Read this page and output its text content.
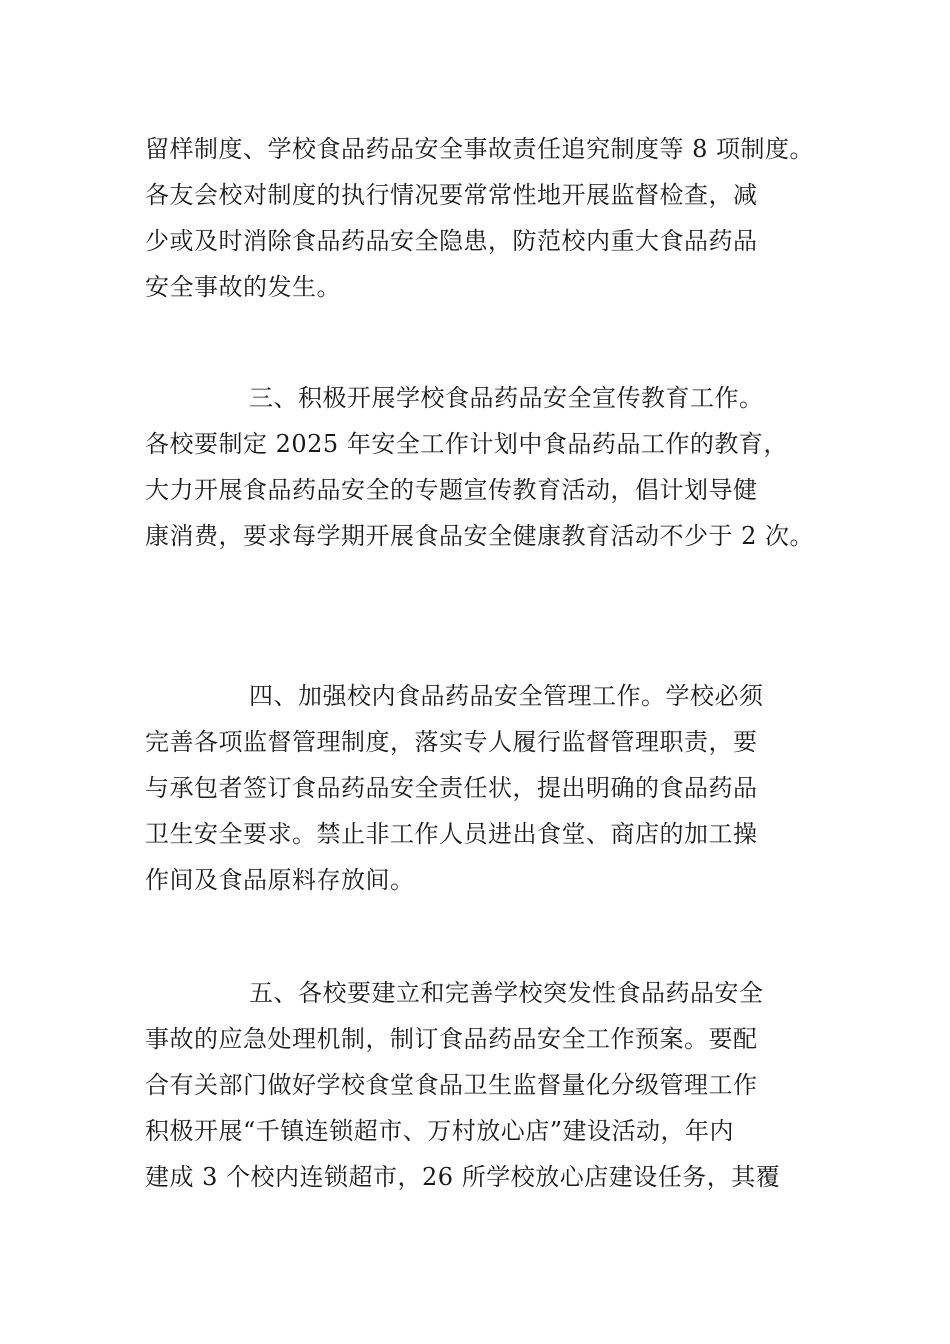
留样制度、学校食品药品安全事故责任追究制度等 8 项制度。
各友会校对制度的执行情况要常常性地开展监督检查，减
少或及时消除食品药品安全隐患，防范校内重大食品药品
安全事故的发生。
三、积极开展学校食品药品安全宣传教育工作。
各校要制定 2025 年安全工作计划中食品药品工作的教育，
大力开展食品药品安全的专题宣传教育活动，倡计划导健
康消费，要求每学期开展食品安全健康教育活动不少于 2 次。
四、加强校内食品药品安全管理工作。学校必须
完善各项监督管理制度，落实专人履行监督管理职责，要
与承包者签订食品药品安全责任状，提出明确的食品药品
卫生安全要求。禁止非工作人员进出食堂、商店的加工操
作间及食品原料存放间。
五、各校要建立和完善学校突发性食品药品安全
事故的应急处理机制，制订食品药品安全工作预案。要配
合有关部门做好学校食堂食品卫生监督量化分级管理工作
积极开展“千镇连锁超市、万村放心店”建设活动，年内
建成 3 个校内连锁超市，26 所学校放心店建设任务，其覆
